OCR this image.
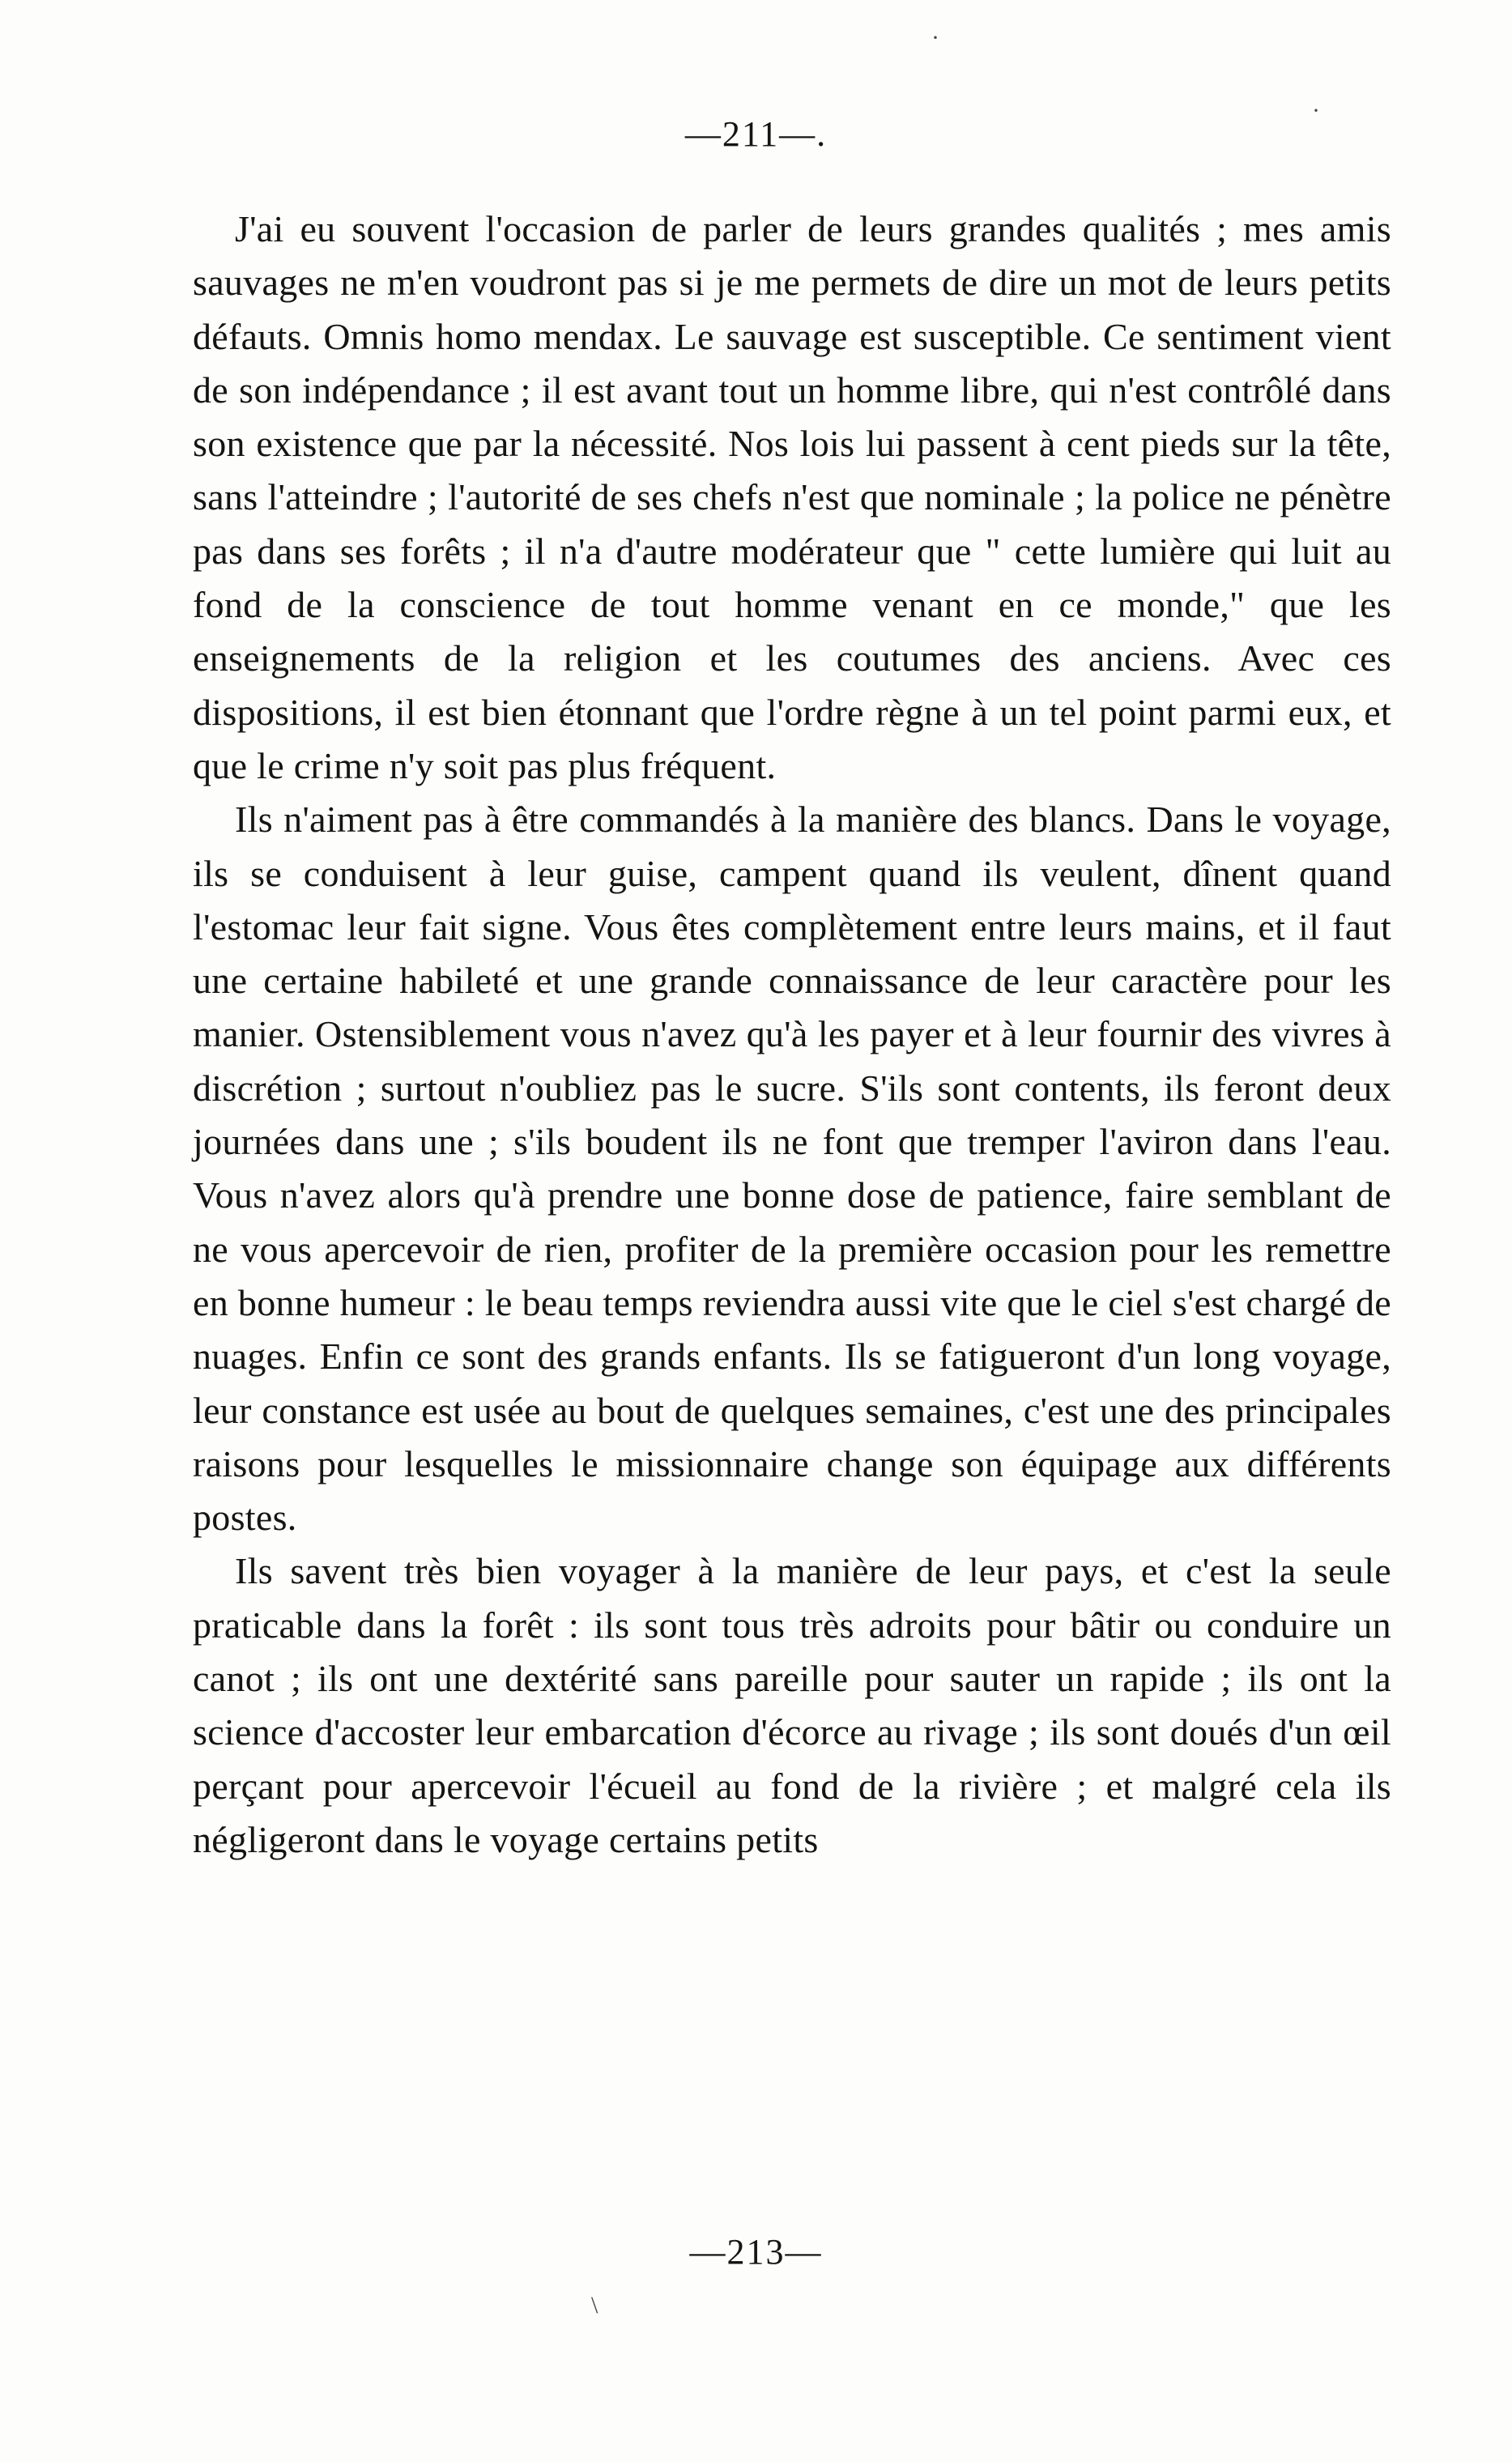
—211—.

J'ai eu souvent l'occasion de parler de leurs grandes qualités ; mes amis sauvages ne m'en voudront pas si je me permets de dire un mot de leurs petits défauts. Omnis homo mendax. Le sauvage est susceptible. Ce sentiment vient de son indépendance ; il est avant tout un homme libre, qui n'est contrôlé dans son existence que par la nécessité. Nos lois lui passent à cent pieds sur la tête, sans l'atteindre ; l'autorité de ses chefs n'est que nominale ; la police ne pénètre pas dans ses forêts ; il n'a d'autre modérateur que " cette lumière qui luit au fond de la conscience de tout homme venant en ce monde," que les enseignements de la religion et les coutumes des anciens. Avec ces dispositions, il est bien étonnant que l'ordre règne à un tel point parmi eux, et que le crime n'y soit pas plus fréquent.

Ils n'aiment pas à être commandés à la manière des blancs. Dans le voyage, ils se conduisent à leur guise, campent quand ils veulent, dînent quand l'estomac leur fait signe. Vous êtes complètement entre leurs mains, et il faut une certaine habileté et une grande connaissance de leur caractère pour les manier. Ostensiblement vous n'avez qu'à les payer et à leur fournir des vivres à discrétion ; surtout n'oubliez pas le sucre. S'ils sont contents, ils feront deux journées dans une ; s'ils boudent ils ne font que tremper l'aviron dans l'eau. Vous n'avez alors qu'à prendre une bonne dose de patience, faire semblant de ne vous apercevoir de rien, profiter de la première occasion pour les remettre en bonne humeur : le beau temps reviendra aussi vite que le ciel s'est chargé de nuages. Enfin ce sont des grands enfants. Ils se fatigueront d'un long voyage, leur constance est usée au bout de quelques semaines, c'est une des principales raisons pour lesquelles le missionnaire change son équipage aux différents postes.

Ils savent très bien voyager à la manière de leur pays, et c'est la seule praticable dans la forêt : ils sont tous très adroits pour bâtir ou conduire un canot ; ils ont une dextérité sans pareille pour sauter un rapide ; ils ont la science d'accoster leur embarcation d'écorce au rivage ; ils sont doués d'un œil perçant pour apercevoir l'écueil au fond de la rivière ; et malgré cela ils négligeront dans le voyage certains petits

—213—
·
·
\
